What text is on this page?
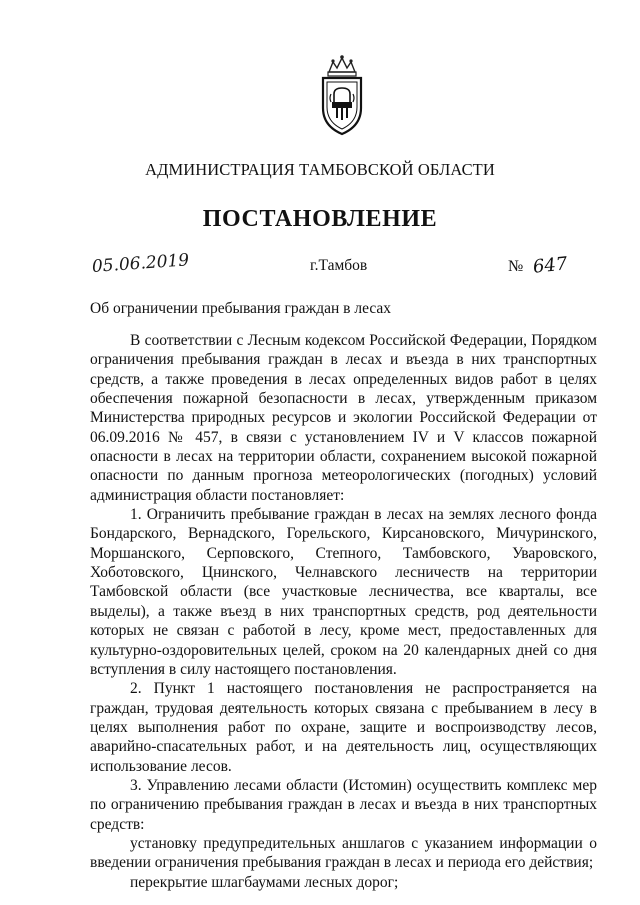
АДМИНИСТРАЦИЯ ТАМБОВСКОЙ ОБЛАСТИ
ПОСТАНОВЛЕНИЕ
05.06.2019	г.Тамбов	№ 647
Об ограничении пребывания граждан в лесах

В соответствии с Лесным кодексом Российской Федерации, Порядком ограничения пребывания граждан в лесах и въезда в них транспортных средств, а также проведения в лесах определенных видов работ в целях обеспечения пожарной безопасности в лесах, утвержденным приказом Министерства природных ресурсов и экологии Российской Федерации от 06.09.2016 № 457, в связи с установлением IV и V классов пожарной опасности в лесах на территории области, сохранением высокой пожарной опасности по данным прогноза метеорологических (погодных) условий администрация области постановляет:

1. Ограничить пребывание граждан в лесах на землях лесного фонда Бондарского, Вернадского, Горельского, Кирсановского, Мичуринского, Моршанского, Серповского, Степного, Тамбовского, Уваровского, Хоботовского, Цнинского, Челнавского лесничеств на территории Тамбовской области (все участковые лесничества, все кварталы, все выделы), а также въезд в них транспортных средств, род деятельности которых не связан с работой в лесу, кроме мест, предоставленных для культурно-оздоровительных целей, сроком на 20 календарных дней со дня вступления в силу настоящего постановления.

2. Пункт 1 настоящего постановления не распространяется на граждан, трудовая деятельность которых связана с пребыванием в лесу в целях выполнения работ по охране, защите и воспроизводству лесов, аварийно-спасательных работ, и на деятельность лиц, осуществляющих использование лесов.

3. Управлению лесами области (Истомин) осуществить комплекс мер по ограничению пребывания граждан в лесах и въезда в них транспортных средств:

установку предупредительных аншлагов с указанием информации о введении ограничения пребывания граждан в лесах и периода его действия;

перекрытие шлагбаумами лесных дорог;
